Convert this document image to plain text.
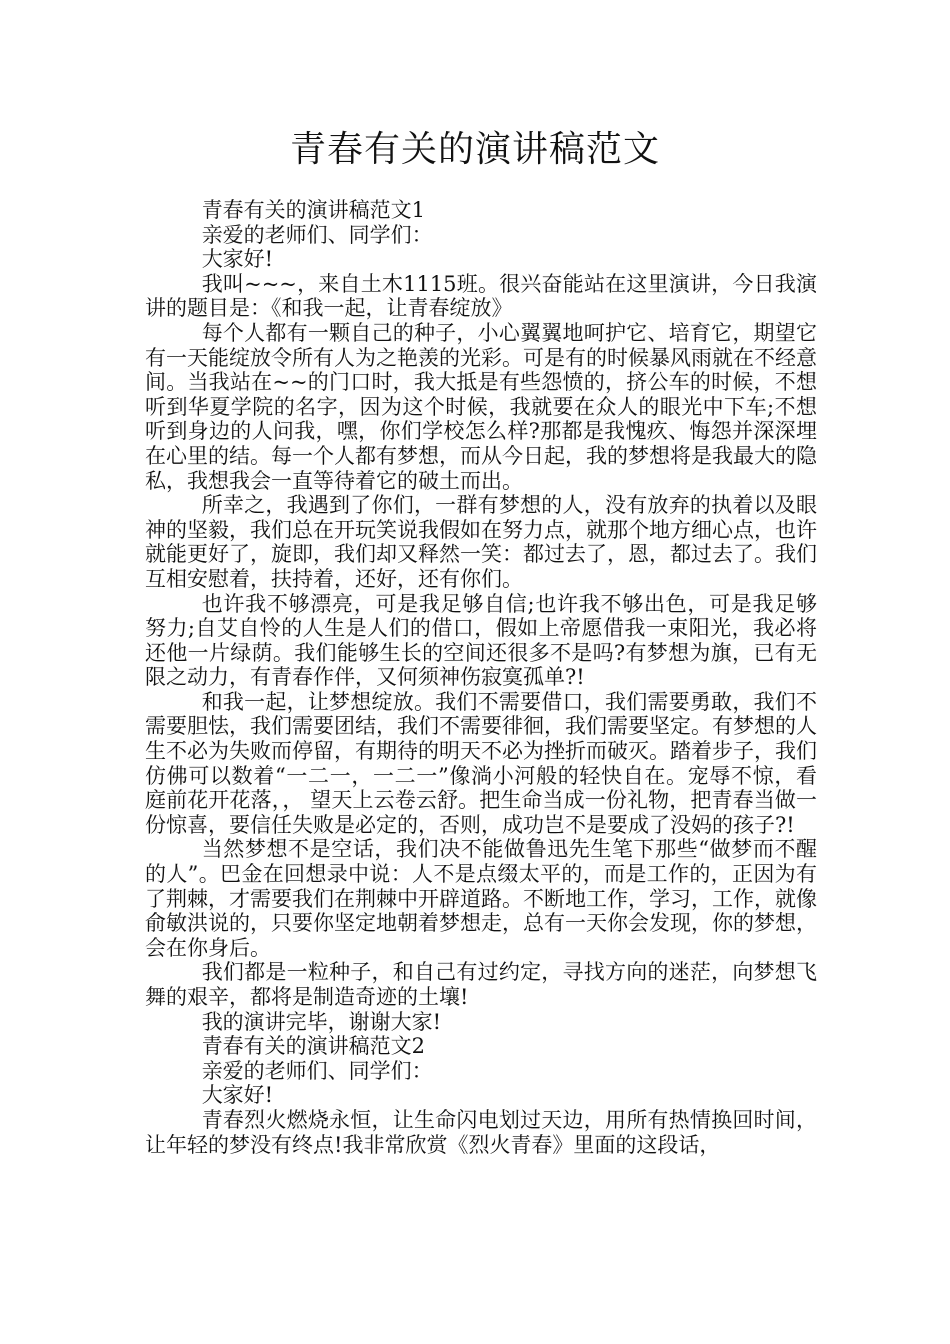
青春有关的演讲稿范文

青春有关的演讲稿范文1

亲爱的老师们、同学们：

大家好!

我叫~~~，来自土木1115班。很兴奋能站在这里演讲，今日我演讲的题目是：《和我一起，让青春绽放》

每个人都有一颗自己的种子，小心翼翼地呵护它、培育它，期望它有一天能绽放令所有人为之艳羡的光彩。可是有的时候暴风雨就在不经意间。当我站在~~的门口时，我大抵是有些怨愤的，挤公车的时候，不想听到华夏学院的名字，因为这个时候，我就要在众人的眼光中下车;不想听到身边的人问我，嘿，你们学校怎么样?那都是我愧疚、悔怨并深深埋在心里的结。每一个人都有梦想，而从今日起，我的梦想将是我最大的隐私，我想我会一直等待着它的破土而出。

所幸之，我遇到了你们，一群有梦想的人，没有放弃的执着以及眼神的坚毅，我们总在开玩笑说我假如在努力点，就那个地方细心点，也许就能更好了，旋即，我们却又释然一笑：都过去了，恩，都过去了。我们互相安慰着，扶持着，还好，还有你们。

也许我不够漂亮，可是我足够自信;也许我不够出色，可是我足够努力;自艾自怜的人生是人们的借口，假如上帝愿借我一束阳光，我必将还他一片绿荫。我们能够生长的空间还很多不是吗?有梦想为旗，已有无限之动力，有青春作伴，又何须神伤寂寞孤单?!

和我一起，让梦想绽放。我们不需要借口，我们需要勇敢，我们不需要胆怯，我们需要团结，我们不需要徘徊，我们需要坚定。有梦想的人生不必为失败而停留，有期待的明天不必为挫折而破灭。踏着步子，我们仿佛可以数着“一二一，一二一”像淌小河般的轻快自在。宠辱不惊，看庭前花开花落，， 望天上云卷云舒。把生命当成一份礼物，把青春当做一份惊喜，要信任失败是必定的，否则，成功岂不是要成了没妈的孩子?!

当然梦想不是空话，我们决不能做鲁迅先生笔下那些“做梦而不醒的人”。巴金在回想录中说：人不是点缀太平的，而是工作的，正因为有了荆棘，才需要我们在荆棘中开辟道路。不断地工作，学习，工作，就像俞敏洪说的，只要你坚定地朝着梦想走，总有一天你会发现，你的梦想，会在你身后。

我们都是一粒种子，和自己有过约定，寻找方向的迷茫，向梦想飞舞的艰辛，都将是制造奇迹的土壤!

我的演讲完毕，谢谢大家!

青春有关的演讲稿范文2

亲爱的老师们、同学们：

大家好!

青春烈火燃烧永恒，让生命闪电划过天边，用所有热情换回时间，让年轻的梦没有终点!我非常欣赏《烈火青春》里面的这段话，
